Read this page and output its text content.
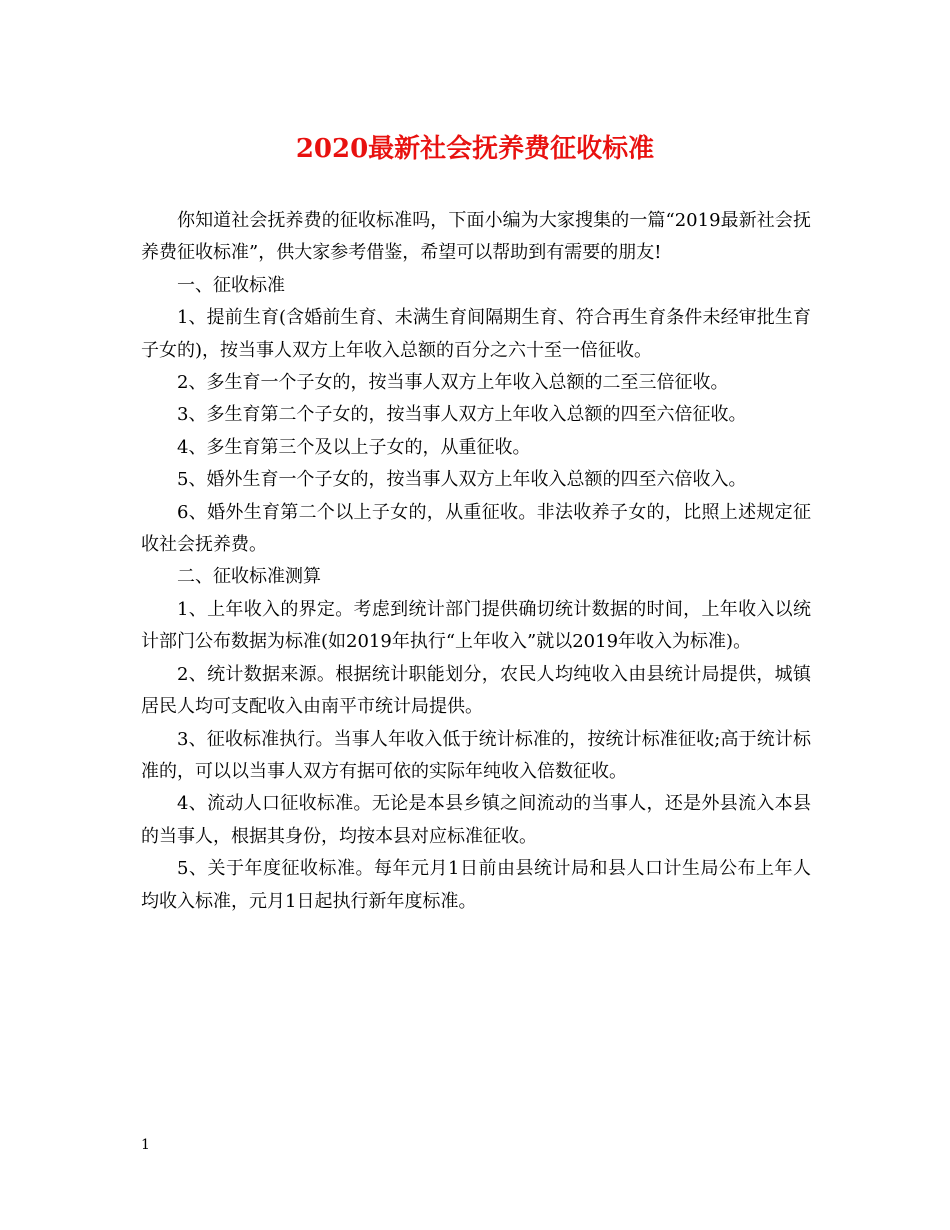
2020最新社会抚养费征收标准

你知道社会抚养费的征收标准吗，下面小编为大家搜集的一篇“2019最新社会抚养费征收标准”，供大家参考借鉴，希望可以帮助到有需要的朋友!

一、征收标准

1、提前生育(含婚前生育、未满生育间隔期生育、符合再生育条件未经审批生育子女的)，按当事人双方上年收入总额的百分之六十至一倍征收。

2、多生育一个子女的，按当事人双方上年收入总额的二至三倍征收。

3、多生育第二个子女的，按当事人双方上年收入总额的四至六倍征收。

4、多生育第三个及以上子女的，从重征收。

5、婚外生育一个子女的，按当事人双方上年收入总额的四至六倍收入。

6、婚外生育第二个以上子女的，从重征收。非法收养子女的，比照上述规定征收社会抚养费。

二、征收标准测算

1、上年收入的界定。考虑到统计部门提供确切统计数据的时间，上年收入以统计部门公布数据为标准(如2019年执行“上年收入”就以2019年收入为标准)。

2、统计数据来源。根据统计职能划分，农民人均纯收入由县统计局提供，城镇居民人均可支配收入由南平市统计局提供。

3、征收标准执行。当事人年收入低于统计标准的，按统计标准征收;高于统计标准的，可以以当事人双方有据可依的实际年纯收入倍数征收。

4、流动人口征收标准。无论是本县乡镇之间流动的当事人，还是外县流入本县的当事人，根据其身份，均按本县对应标准征收。

5、关于年度征收标准。每年元月1日前由县统计局和县人口计生局公布上年人均收入标准，元月1日起执行新年度标准。

1
